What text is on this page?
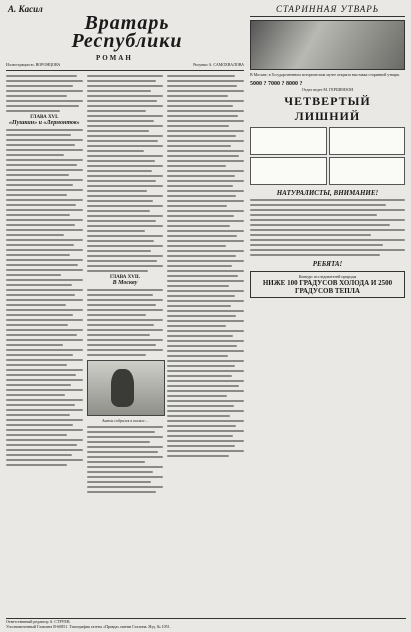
А. Касил
Вратарь Республики
РОМАН
Иллюстрации ю. ВОРОНЦОВА	Рисунки А. САМОХВАЛОВА
ГЛАВА XVI.
«Пушкин» и «Лермонтов»
ГЛАВА XVII.
В Москву
Антон собрался в космос...
СТАРИННАЯ УТВАРЬ
В Москве, в Государственном историческом музее открыта выставка старинной утвари.
5000 ? 7000 ? 8000 ?
Отдел ведет М. ГЕРШЕНЗОН
ЧЕТВЕРТЫЙ ЛИШНИЙ
НАТУРАЛИСТЫ, ВНИМАНИЕ!
РЕБЯТА!
Конкурс исследователей природы
НИЖЕ 100 ГРАДУСОВ ХОЛОДА И 2500 ГРАДУСОВ ТЕПЛА
Ответственный редактор А. СТРУЕВ.
Уполномоченный Главлита В-60851. Типография газеты «Правда» имени Сталина. Изд. № 1051.
